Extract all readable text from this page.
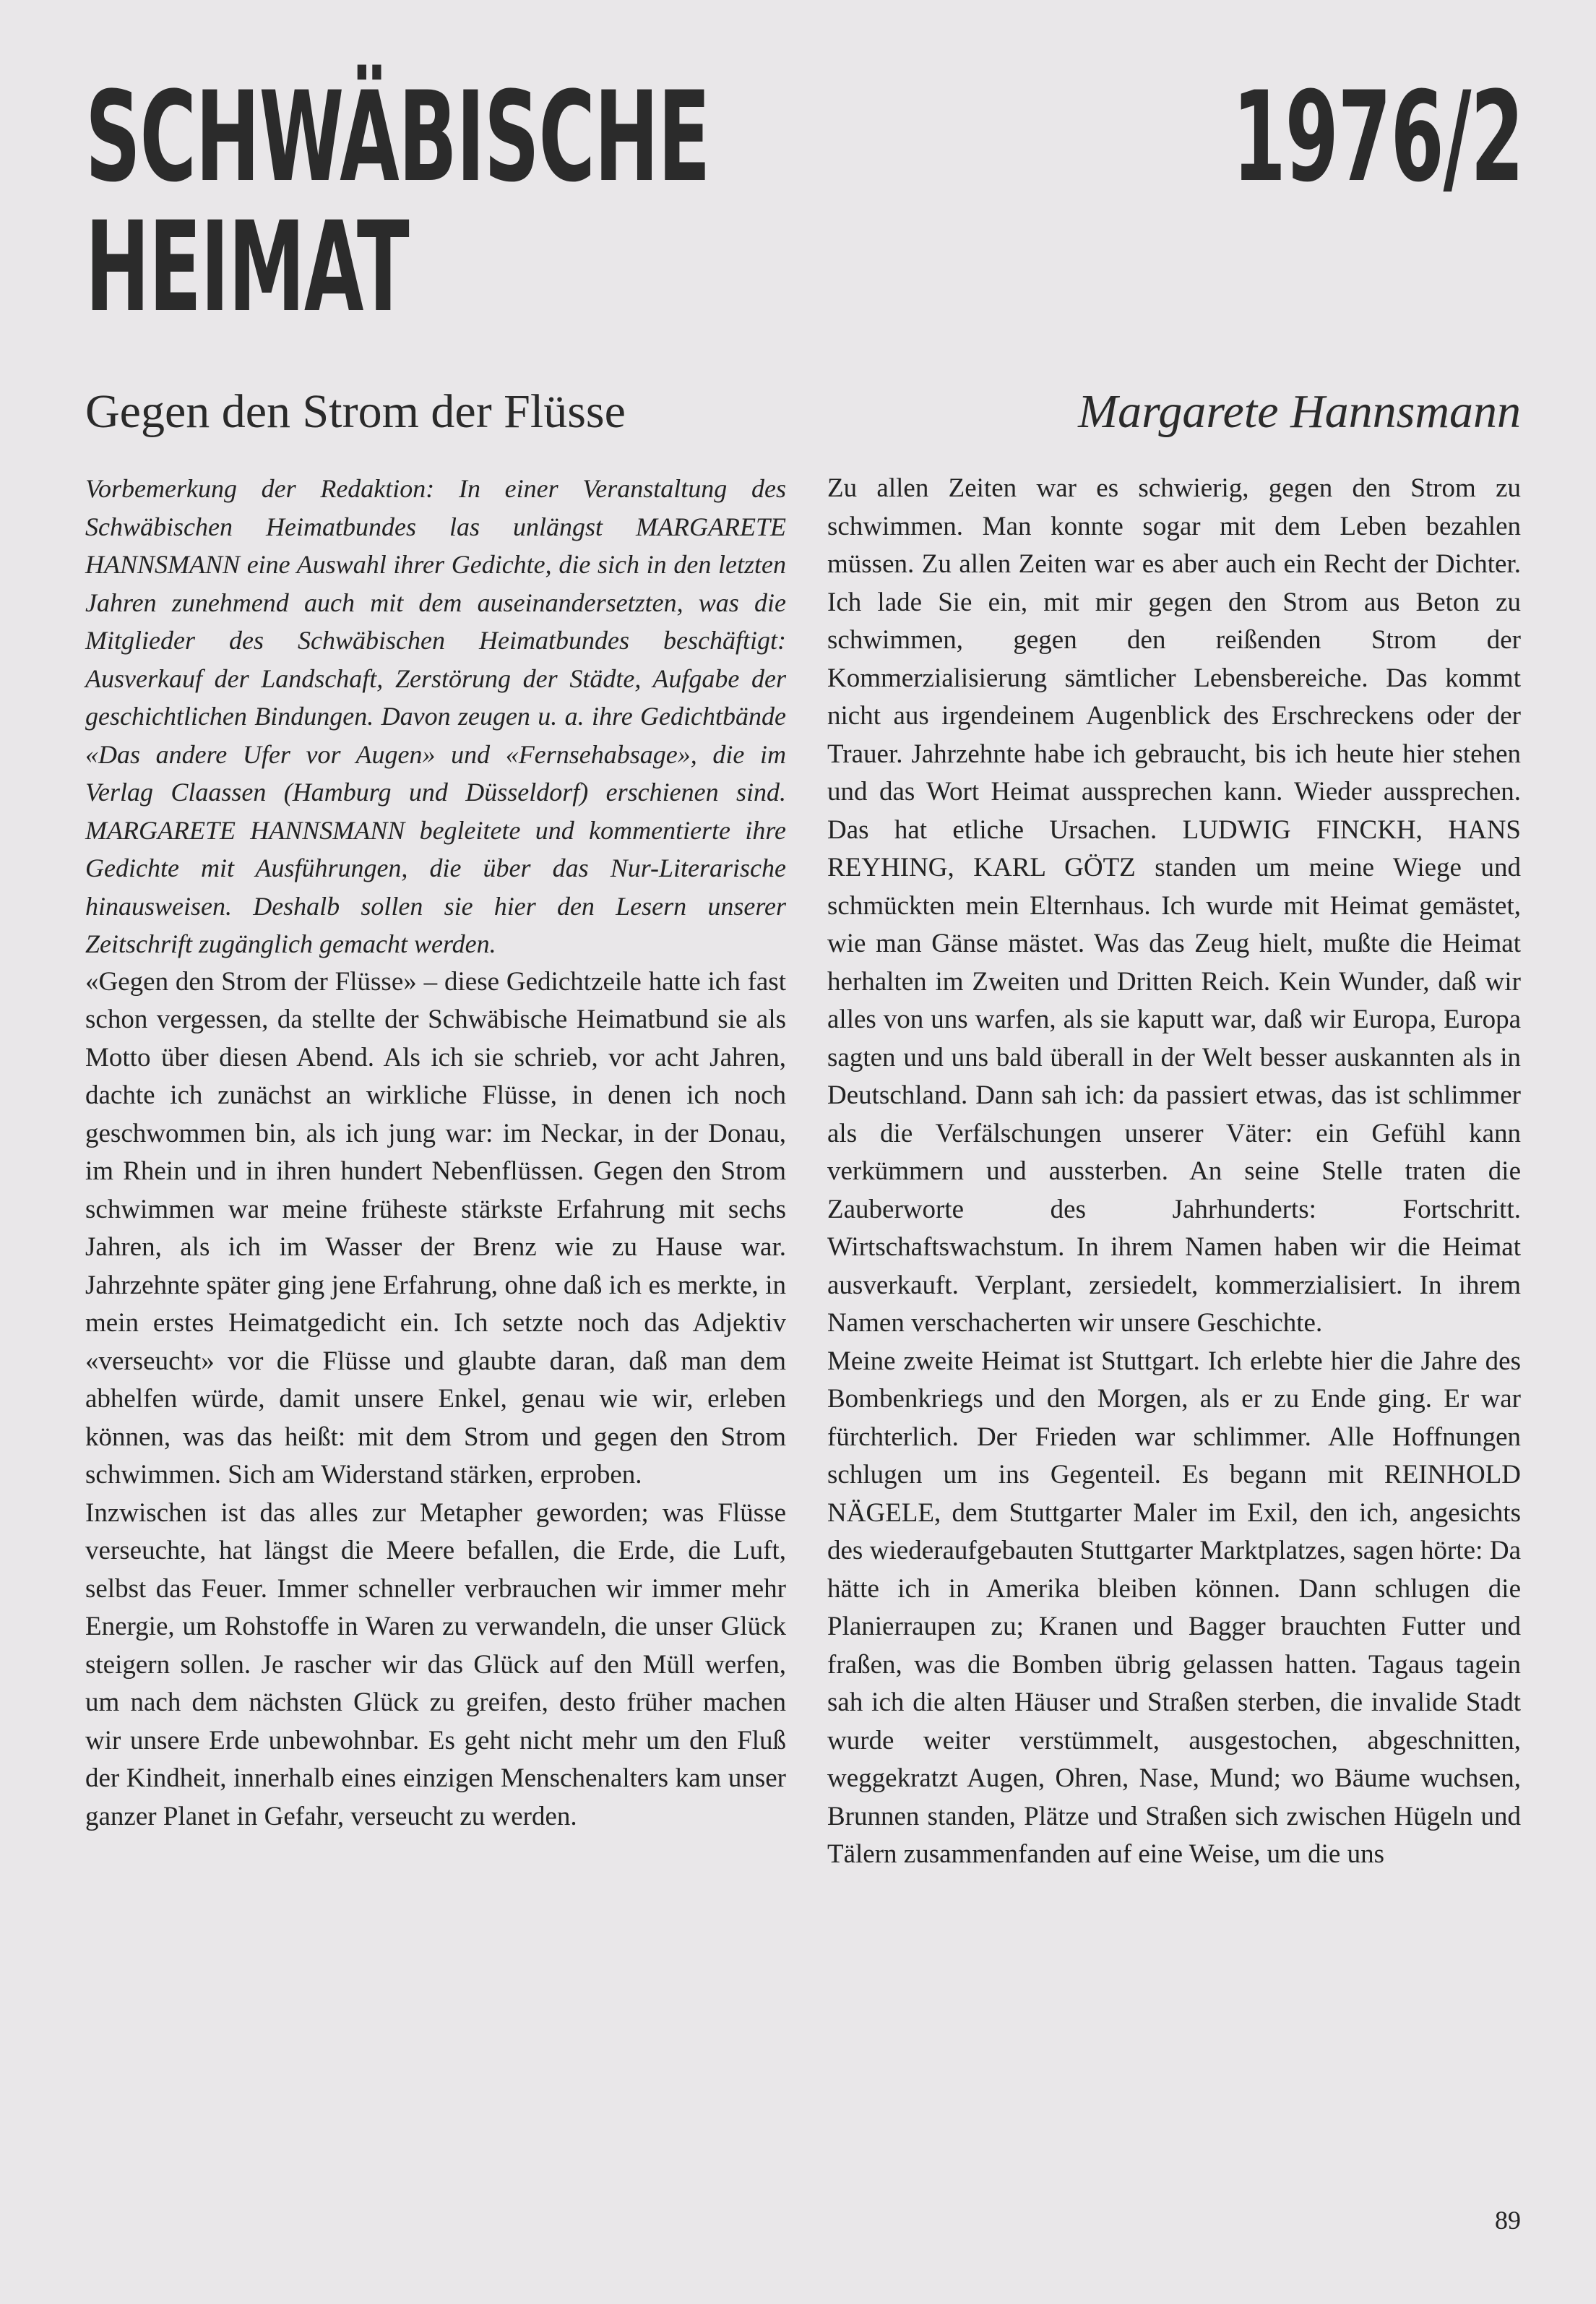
SCHWÄBISCHE HEIMAT
1976/2
Gegen den Strom der Flüsse	Margarete Hannsmann

Vorbemerkung der Redaktion: In einer Veranstaltung des Schwäbischen Heimatbundes las unlängst MARGARETE HANNSMANN eine Auswahl ihrer Gedichte, die sich in den letzten Jahren zunehmend auch mit dem auseinandersetzten, was die Mitglieder des Schwäbischen Heimatbundes beschäftigt: Ausverkauf der Landschaft, Zerstörung der Städte, Aufgabe der geschichtlichen Bindungen. Davon zeugen u. a. ihre Gedichtbände «Das andere Ufer vor Augen» und «Fernsehabsage», die im Verlag Claassen (Hamburg und Düsseldorf) erschienen sind. MARGARETE HANNSMANN begleitete und kommentierte ihre Gedichte mit Ausführungen, die über das Nur-Literarische hinausweisen. Deshalb sollen sie hier den Lesern unserer Zeitschrift zugänglich gemacht werden.

«Gegen den Strom der Flüsse» – diese Gedichtzeile hatte ich fast schon vergessen, da stellte der Schwäbische Heimatbund sie als Motto über diesen Abend. Als ich sie schrieb, vor acht Jahren, dachte ich zunächst an wirkliche Flüsse, in denen ich noch geschwommen bin, als ich jung war: im Neckar, in der Donau, im Rhein und in ihren hundert Nebenflüssen. Gegen den Strom schwimmen war meine früheste stärkste Erfahrung mit sechs Jahren, als ich im Wasser der Brenz wie zu Hause war. Jahrzehnte später ging jene Erfahrung, ohne daß ich es merkte, in mein erstes Heimatgedicht ein. Ich setzte noch das Adjektiv «verseucht» vor die Flüsse und glaubte daran, daß man dem abhelfen würde, damit unsere Enkel, genau wie wir, erleben können, was das heißt: mit dem Strom und gegen den Strom schwimmen. Sich am Widerstand stärken, erproben.

Inzwischen ist das alles zur Metapher geworden; was Flüsse verseuchte, hat längst die Meere befallen, die Erde, die Luft, selbst das Feuer. Immer schneller verbrauchen wir immer mehr Energie, um Rohstoffe in Waren zu verwandeln, die unser Glück steigern sollen. Je rascher wir das Glück auf den Müll werfen, um nach dem nächsten Glück zu greifen, desto früher machen wir unsere Erde unbewohnbar. Es geht nicht mehr um den Fluß der Kindheit, innerhalb eines einzigen Menschenalters kam unser ganzer Planet in Gefahr, verseucht zu werden.

Zu allen Zeiten war es schwierig, gegen den Strom zu schwimmen. Man konnte sogar mit dem Leben bezahlen müssen. Zu allen Zeiten war es aber auch ein Recht der Dichter. Ich lade Sie ein, mit mir gegen den Strom aus Beton zu schwimmen, gegen den reißenden Strom der Kommerzialisierung sämtlicher Lebensbereiche. Das kommt nicht aus irgendeinem Augenblick des Erschreckens oder der Trauer. Jahrzehnte habe ich gebraucht, bis ich heute hier stehen und das Wort Heimat aussprechen kann. Wieder aussprechen. Das hat etliche Ursachen. LUDWIG FINCKH, HANS REYHING, KARL GÖTZ standen um meine Wiege und schmückten mein Elternhaus. Ich wurde mit Heimat gemästet, wie man Gänse mästet. Was das Zeug hielt, mußte die Heimat herhalten im Zweiten und Dritten Reich. Kein Wunder, daß wir alles von uns warfen, als sie kaputt war, daß wir Europa, Europa sagten und uns bald überall in der Welt besser auskannten als in Deutschland. Dann sah ich: da passiert etwas, das ist schlimmer als die Verfälschungen unserer Väter: ein Gefühl kann verkümmern und aussterben. An seine Stelle traten die Zauberworte des Jahrhunderts: Fortschritt. Wirtschaftswachstum. In ihrem Namen haben wir die Heimat ausverkauft. Verplant, zersiedelt, kommerzialisiert. In ihrem Namen verschacherten wir unsere Geschichte.

Meine zweite Heimat ist Stuttgart. Ich erlebte hier die Jahre des Bombenkriegs und den Morgen, als er zu Ende ging. Er war fürchterlich. Der Frieden war schlimmer. Alle Hoffnungen schlugen um ins Gegenteil. Es begann mit REINHOLD NÄGELE, dem Stuttgarter Maler im Exil, den ich, angesichts des wiederaufgebauten Stuttgarter Marktplatzes, sagen hörte: Da hätte ich in Amerika bleiben können. Dann schlugen die Planierraupen zu; Kranen und Bagger brauchten Futter und fraßen, was die Bomben übrig gelassen hatten. Tagaus tagein sah ich die alten Häuser und Straßen sterben, die invalide Stadt wurde weiter verstümmelt, ausgestochen, abgeschnitten, weggekratzt Augen, Ohren, Nase, Mund; wo Bäume wuchsen, Brunnen standen, Plätze und Straßen sich zwischen Hügeln und Tälern zusammenfanden auf eine Weise, um die uns

89
